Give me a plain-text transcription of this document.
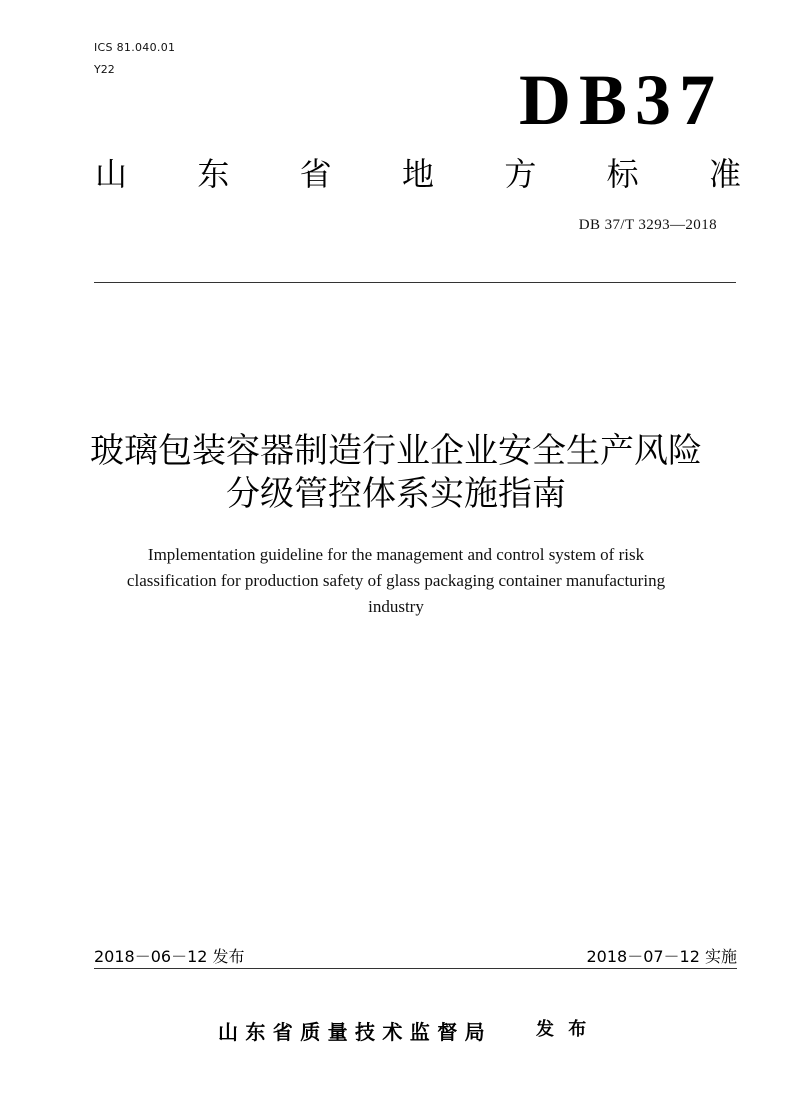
ICS 81.040.01
Y22	DB37
山 东 省 地 方 标 准
DB 37/T 3293—2018
玻璃包装容器制造行业企业安全生产风险
分级管控体系实施指南
Implementation guideline for the management and control system of risk
classification for production safety of glass packaging container manufacturing
industry
2018－06－12 发布	2018－07－12 实施
山东省质量技术监督局 发 布
